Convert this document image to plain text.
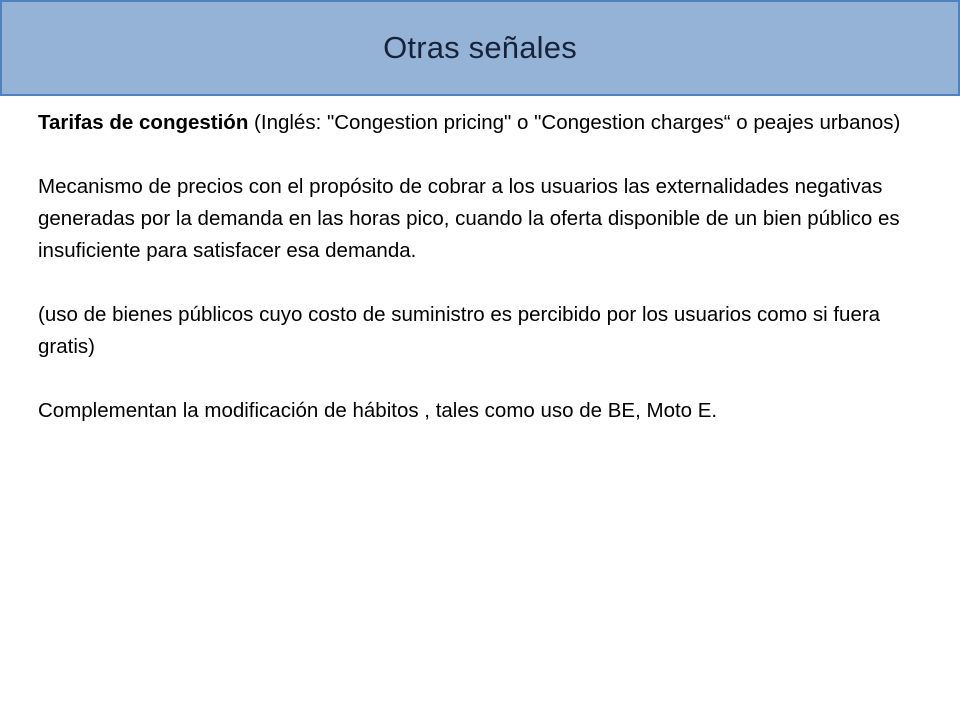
Otras señales

Tarifas de congestión (Inglés: "Congestion pricing" o "Congestion charges“ o peajes urbanos)

Mecanismo de precios con el propósito de cobrar a los usuarios las externalidades negativas generadas por la demanda en las horas pico, cuando la oferta disponible de un bien público es insuficiente para satisfacer esa demanda.

(uso de bienes públicos cuyo costo de suministro es percibido por los usuarios como si fuera gratis)

Complementan la modificación de hábitos , tales como uso de BE, Moto E.
